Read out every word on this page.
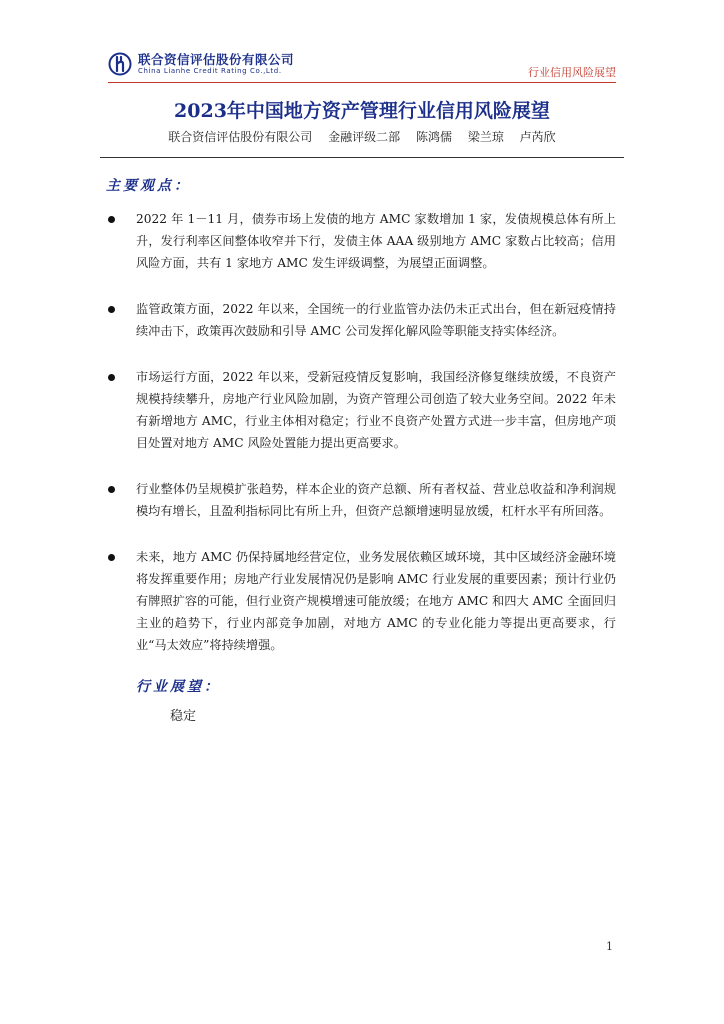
联合资信评估股份有限公司
China Lianhe Credit Rating Co.,Ltd.	行业信用风险展望
2023年中国地方资产管理行业信用风险展望
联合资信评估股份有限公司 金融评级二部 陈鸿儒 梁兰琼 卢芮欣
主要观点：
2022 年 1－11 月，债券市场上发债的地方 AMC 家数增加 1 家，发债规模总体有所上升，发行利率区间整体收窄并下行，发债主体 AAA 级别地方 AMC 家数占比较高；信用风险方面，共有 1 家地方 AMC 发生评级调整，为展望正面调整。
监管政策方面，2022 年以来，全国统一的行业监管办法仍未正式出台，但在新冠疫情持续冲击下，政策再次鼓励和引导 AMC 公司发挥化解风险等职能支持实体经济。
市场运行方面，2022 年以来，受新冠疫情反复影响，我国经济修复继续放缓，不良资产规模持续攀升，房地产行业风险加剧，为资产管理公司创造了较大业务空间。2022 年未有新增地方 AMC，行业主体相对稳定；行业不良资产处置方式进一步丰富，但房地产项目处置对地方 AMC 风险处置能力提出更高要求。
行业整体仍呈规模扩张趋势，样本企业的资产总额、所有者权益、营业总收益和净利润规模均有增长，且盈利指标同比有所上升，但资产总额增速明显放缓，杠杆水平有所回落。
未来，地方 AMC 仍保持属地经营定位，业务发展依赖区域环境，其中区域经济金融环境将发挥重要作用；房地产行业发展情况仍是影响 AMC 行业发展的重要因素；预计行业仍有牌照扩容的可能，但行业资产规模增速可能放缓；在地方 AMC 和四大 AMC 全面回归主业的趋势下，行业内部竞争加剧，对地方 AMC 的专业化能力等提出更高要求，行业“马太效应”将持续增强。
行业展望：
稳定
1
